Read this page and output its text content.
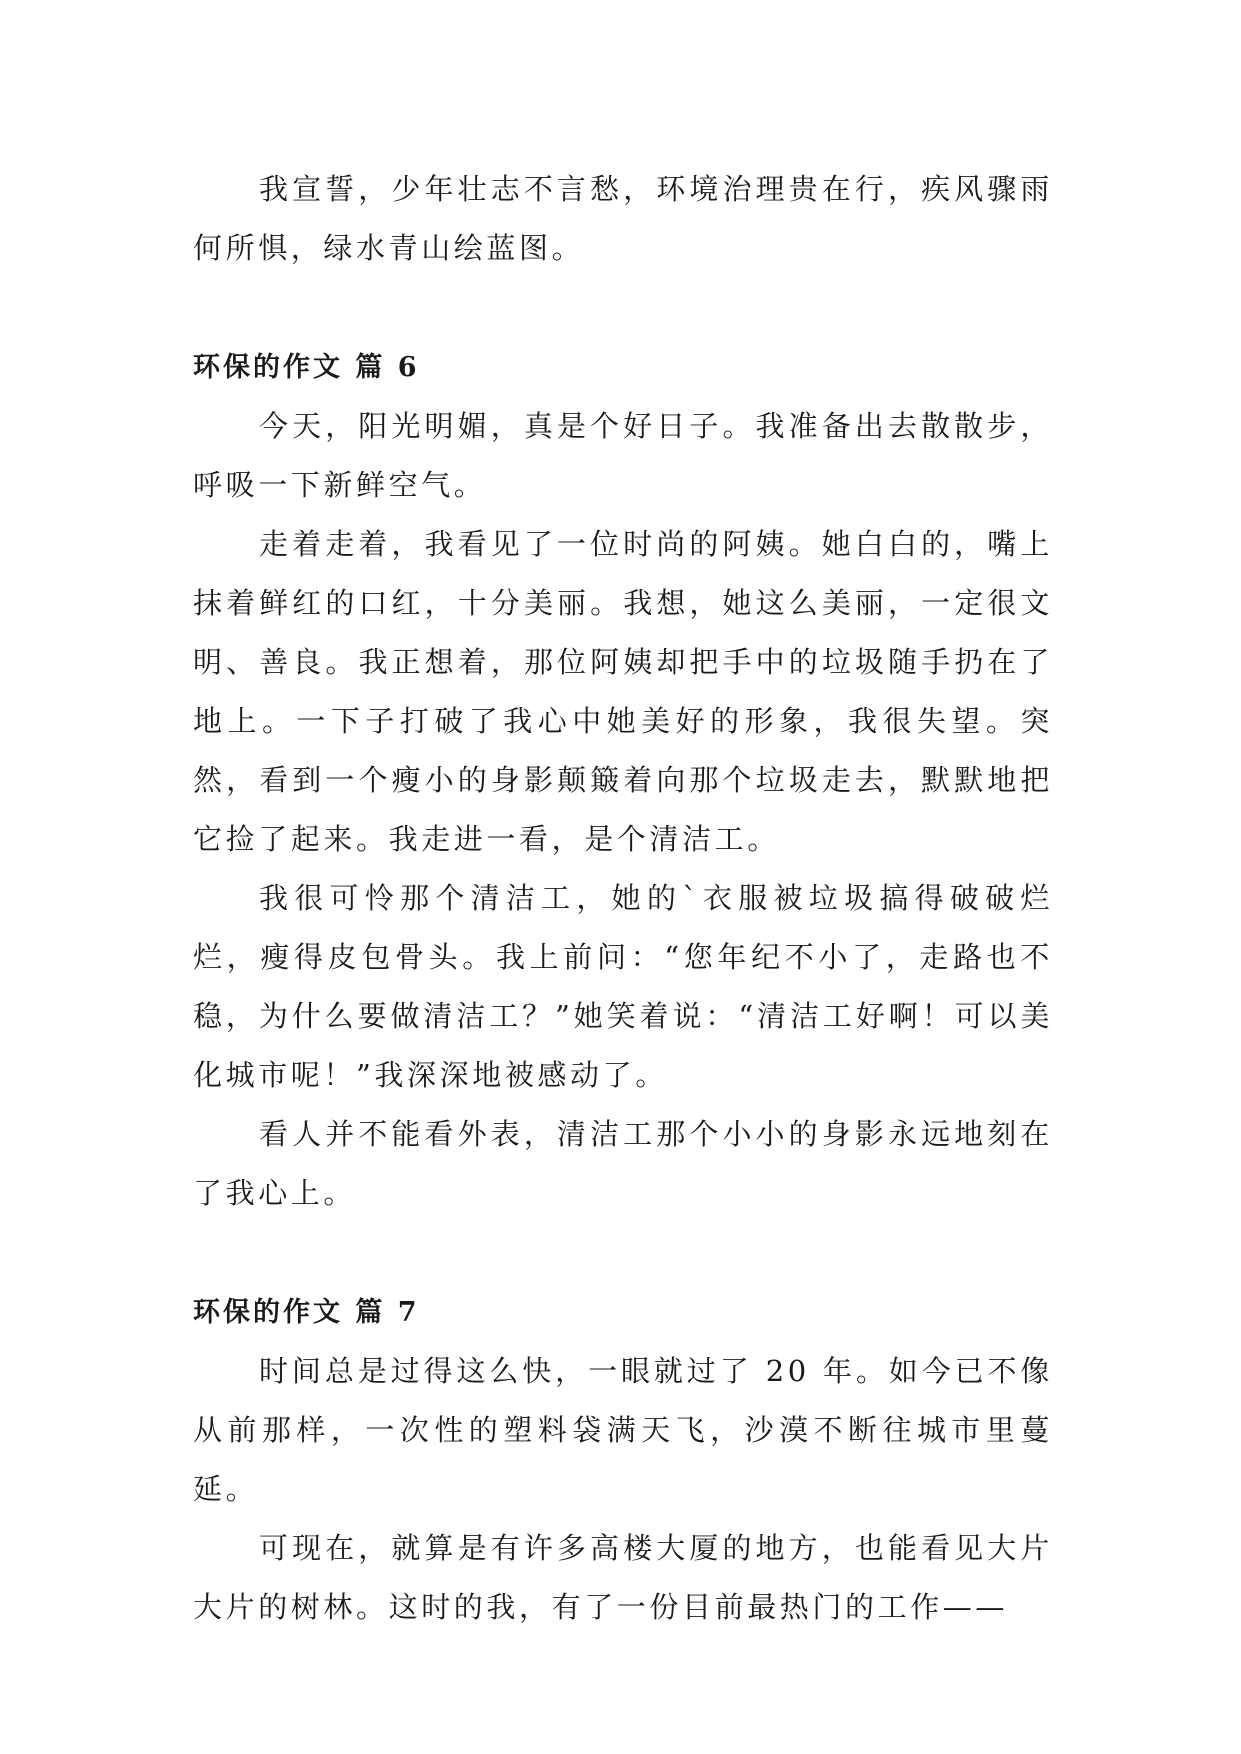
我宣誓，少年壮志不言愁，环境治理贵在行，疾风骤雨何所惧，绿水青山绘蓝图。

环保的作文 篇 6

今天，阳光明媚，真是个好日子。我准备出去散散步，呼吸一下新鲜空气。

走着走着，我看见了一位时尚的阿姨。她白白的，嘴上抹着鲜红的口红，十分美丽。我想，她这么美丽，一定很文明、善良。我正想着，那位阿姨却把手中的垃圾随手扔在了地上。一下子打破了我心中她美好的形象，我很失望。突然，看到一个瘦小的身影颠簸着向那个垃圾走去，默默地把它捡了起来。我走进一看，是个清洁工。

我很可怜那个清洁工，她的`衣服被垃圾搞得破破烂烂，瘦得皮包骨头。我上前问：“您年纪不小了，走路也不稳，为什么要做清洁工？”她笑着说：“清洁工好啊！可以美化城市呢！”我深深地被感动了。

看人并不能看外表，清洁工那个小小的身影永远地刻在了我心上。

环保的作文 篇 7

时间总是过得这么快，一眼就过了 20 年。如今已不像从前那样，一次性的塑料袋满天飞，沙漠不断往城市里蔓延。

可现在，就算是有许多高楼大厦的地方，也能看见大片大片的树林。这时的我，有了一份目前最热门的工作——
